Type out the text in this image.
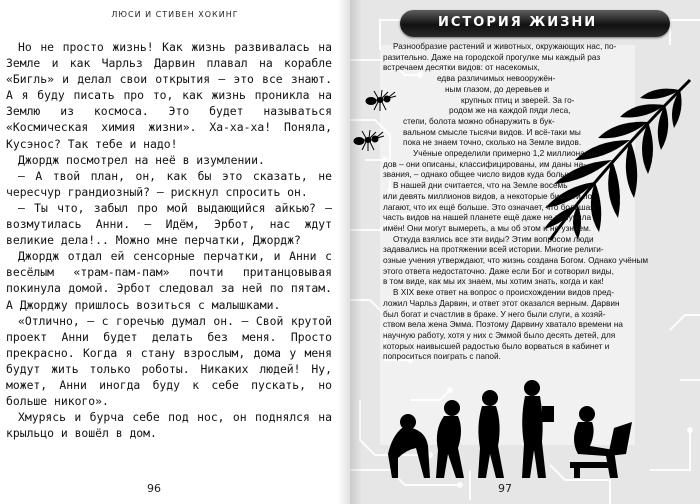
ЛЮСИ И СТИВЕН ХОКИНГ

Но не просто жизнь! Как жизнь развивалась на Земле и как Чарльз Дарвин плавал на корабле «Бигль» и делал свои открытия – это все знают. А я буду писать про то, как жизнь проникла на Землю из космоса. Это будет называться «Космическая химия жизни». Ха-ха-ха! Поняла, Кусэнос? Так тебе и надо!

Джордж посмотрел на неё в изумлении.

– А твой план, он, как бы это сказать, не чересчур грандиозный? – рискнул спросить он.

– Ты что, забыл про мой выдающийся айкью? – возмутилась Анни. – Идём, Эрбот, нас ждут великие дела!.. Можно мне перчатки, Джордж?

Джордж отдал ей сенсорные перчатки, и Анни с весёлым «трам-пам-пам» почти пританцовывая покинула домой. Эрбот следовал за ней по пятам. А Джорджу пришлось возиться с малышками.

«Отлично, – с горечью думал он. – Свой крутой проект Анни будет делать без меня. Просто прекрасно. Когда я стану взрослым, дома у меня будут жить только роботы. Никаких людей! Ну, может, Анни иногда буду к себе пускать, но больше никого».

Хмурясь и бурча себе под нос, он поднялся на крыльцо и вошёл в дом.

96
ИСТОРИЯ ЖИЗНИ
Разнообразие растений и животных, окружающих нас, по-
разительно. Даже на городской прогулке мы каждый раз
встречаем десятки видов: от насекомых,
едва различимых невооружён-
ным глазом, до деревьев и
крупных птиц и зверей. За го-
родом же на каждой пяди леса,
степи, болота можно обнаружить в бук-
вальном смысле тысячи видов. И всё-таки мы
пока не знаем точно, сколько на Земле видов.
Учёные определили примерно 1,2 миллиона ви-
дов – они описаны, классифицированы, им даны на-
звания, – однако общее число видов куда больше.
В нашей дни считается, что на Земле восемь
или девять миллионов видов, а некоторые биологи по-
лагают, что их ещё больше. Это означает, что большая
часть видов на нашей планете ещё даже не получила
имён! Они могут вымереть, а мы об этом и не узнаем.
Откуда взялись все эти виды? Этим вопросом люди
задавались на протяжении всей истории. Многие религи-
озные учения утверждают, что жизнь создана Богом. Однако учёным
этого ответа недостаточно. Даже если Бог и сотворил виды,
в том виде, как мы их знаем, мы хотим знать, когда и как!
В XIX веке ответ на вопрос о происхождении видов пред-
ложил Чарльз Дарвин, и ответ этот оказался верным. Дарвин
был богат и счастлив в браке. У него были слуги, а хозяй-
ством вела жена Эмма. Поэтому Дарвину хватало времени на
научную работу, хотя у них с Эммой было десять детей, для
которых наивысшей радостью было ворваться в кабинет и
попроситься поиграть с папой.
97
